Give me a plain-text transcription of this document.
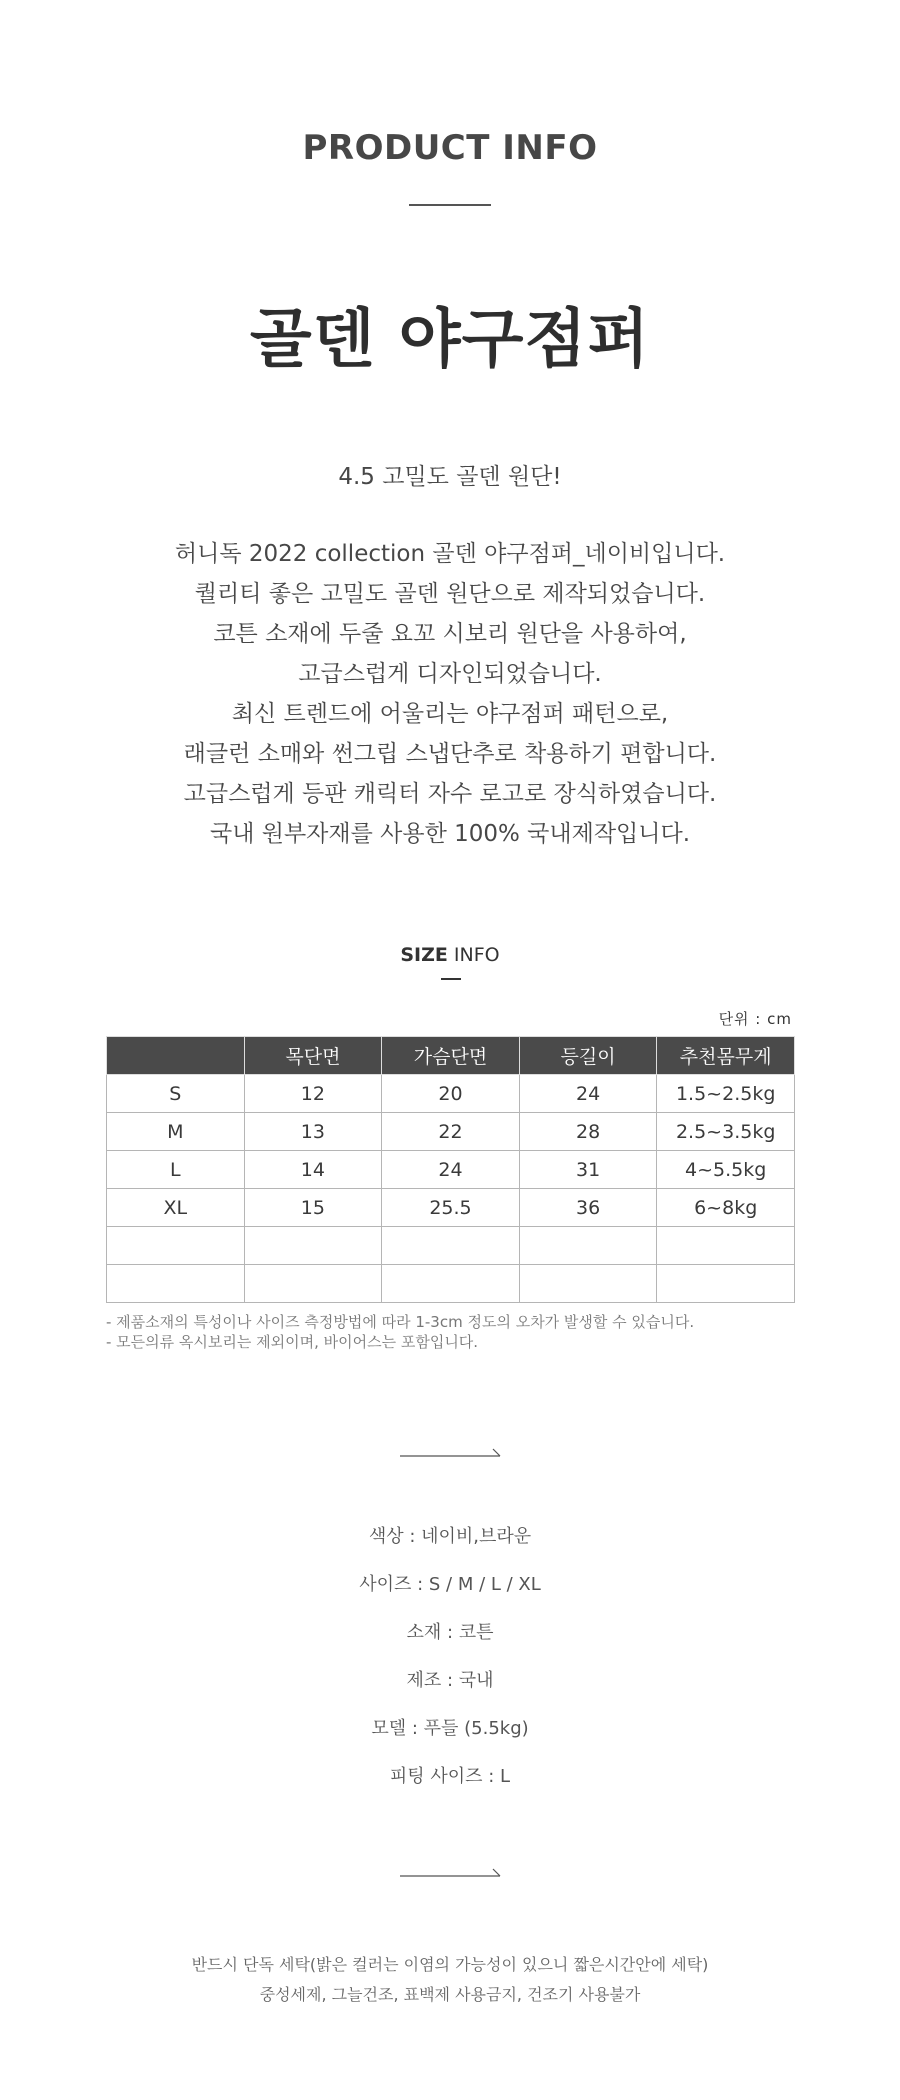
PRODUCT INFO
골덴 야구점퍼
4.5 고밀도 골덴 원단!

허니독 2022 collection 골덴 야구점퍼_네이비입니다.

퀄리티 좋은 고밀도 골덴 원단으로 제작되었습니다.

코튼 소재에 두줄 요꼬 시보리 원단을 사용하여,

고급스럽게 디자인되었습니다.

최신 트렌드에 어울리는 야구점퍼 패턴으로,

래글런 소매와 썬그립 스냅단추로 착용하기 편합니다.

고급스럽게 등판 캐릭터 자수 로고로 장식하였습니다.

국내 원부자재를 사용한 100% 국내제작입니다.

SIZE INFO
단위 : cm
	목단면	가슴단면	등길이	추천몸무게
S	12	20	24	1.5~2.5kg
M	13	22	28	2.5~3.5kg
L	14	24	31	4~5.5kg
XL	15	25.5	36	6~8kg

- 제품소재의 특성이나 사이즈 측정방법에 따라 1-3cm 정도의 오차가 발생할 수 있습니다.
- 모든의류 옥시보리는 제외이며, 바이어스는 포함입니다.
색상 : 네이비,브라운
사이즈 : S / M / L / XL
소재 : 코튼
제조 : 국내
모델 : 푸들 (5.5kg)
피팅 사이즈 : L
반드시 단독 세탁(밝은 컬러는 이염의 가능성이 있으니 짧은시간안에 세탁)
중성세제, 그늘건조, 표백제 사용금지, 건조기 사용불가
